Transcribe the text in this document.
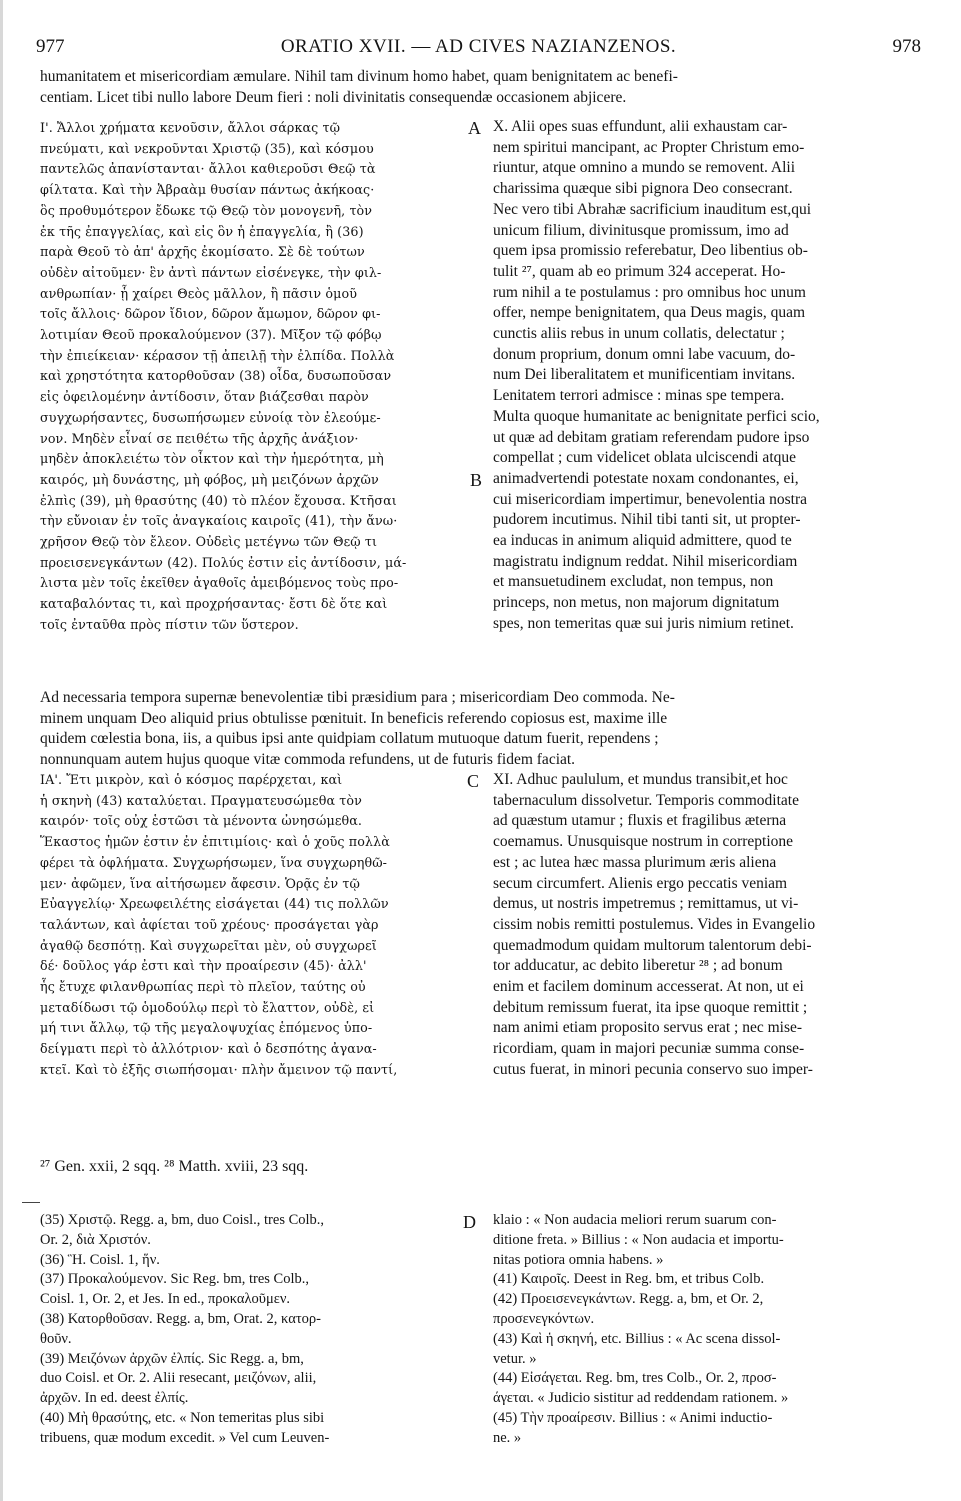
977	ORATIO XVII. — AD CIVES NAZIANZENOS.	978
humanitatem et misericordiam æmulare. Nihil tam divinum homo habet, quam benignitatem ac benefi-
centiam. Licet tibi nullo labore Deum fieri : noli divinitatis consequendæ occasionem abjicere.
Ι'. Ἄλλοι χρήματα κενοῦσιν, ἄλλοι σάρκας τῷ
πνεύματι, καὶ νεκροῦνται Χριστῷ (35), καὶ κόσμου
παντελῶς ἀπανίστανται· ἄλλοι καθιεροῦσι Θεῷ τὰ
φίλτατα. Καὶ τὴν Ἀβραὰμ θυσίαν πάντως ἀκήκοας·
ὃς προθυμότερον ἔδωκε τῷ Θεῷ τὸν μονογενῆ, τὸν
ἐκ τῆς ἐπαγγελίας, καὶ εἰς ὃν ἡ ἐπαγγελία, ἢ (36)
παρὰ Θεοῦ τὸ ἀπ' ἀρχῆς ἐκομίσατο. Σὲ δὲ τούτων
οὐδὲν αἰτοῦμεν· ἓν ἀντὶ πάντων εἰσένεγκε, τὴν φιλ-
ανθρωπίαν· ᾗ χαίρει Θεὸς μᾶλλον, ἢ πᾶσιν ὁμοῦ
τοῖς ἄλλοις· δῶρον ἴδιον, δῶρον ἄμωμον, δῶρον φι-
λοτιμίαν Θεοῦ προκαλούμενον (37). Μῖξον τῷ φόβῳ
τὴν ἐπιείκειαν· κέρασον τῇ ἀπειλῇ τὴν ἐλπίδα. Πολλὰ
καὶ χρηστότητα κατορθοῦσαν (38) οἶδα, δυσωποῦσαν
εἰς ὀφειλομένην ἀντίδοσιν, ὅταν βιάζεσθαι παρὸν
συγχωρήσαντες, δυσωπήσωμεν εὐνοίᾳ τὸν ἐλεούμε-
νον. Μηδὲν εἶναί σε πειθέτω τῆς ἀρχῆς ἀνάξιον·
μηδὲν ἀποκλειέτω τὸν οἶκτον καὶ τὴν ἡμερότητα, μὴ
καιρός, μὴ δυνάστης, μὴ φόβος, μὴ μειζόνων ἀρχῶν
ἐλπὶς (39), μὴ θρασύτης (40) τὸ πλέον ἔχουσα. Κτῆσαι
τὴν εὔνοιαν ἐν τοῖς ἀναγκαίοις καιροῖς (41), τὴν ἄνω·
χρῆσον Θεῷ τὸν ἔλεον. Οὐδεὶς μετέγνω τῶν Θεῷ τι
προεισενεγκάντων (42). Πολύς ἐστιν εἰς ἀντίδοσιν, μά-
λιστα μὲν τοῖς ἐκεῖθεν ἀγαθοῖς ἀμειβόμενος τοὺς προ-
καταβαλόντας τι, καὶ προχρήσαντας· ἔστι δὲ ὅτε καὶ
τοῖς ἐνταῦθα πρὸς πίστιν τῶν ὕστερον.
X. Alii opes suas effundunt, alii exhaustam car-
nem spiritui mancipant, ac Propter Christum emo-
riuntur, atque omnino a mundo se removent. Alii
charissima quæque sibi pignora Deo consecrant.
Nec vero tibi Abrahæ sacrificium inauditum est,qui
unicum filium, divinitusque promissum, imo ad
quem ipsa promissio referebatur, Deo libentius ob-
tulit ²⁷, quam ab eo primum 324 acceperat. Ho-
rum nihil a te postulamus : pro omnibus hoc unum
offer, nempe benignitatem, qua Deus magis, quam
cunctis aliis rebus in unum collatis, delectatur ;
donum proprium, donum omni labe vacuum, do-
num Dei liberalitatem et munificentiam invitans.
Lenitatem terrori admisce : minas spe tempera.
Multa quoque humanitate ac benignitate perfici scio,
ut quæ ad debitam gratiam referendam pudore ipso
compellat ; cum videlicet oblata ulciscendi atque
animadvertendi potestate noxam condonantes, ei,
cui misericordiam impertimur, benevolentia nostra
pudorem incutimus. Nihil tibi tanti sit, ut propter-
ea inducas in animum aliquid admittere, quod te
magistratu indignum reddat. Nihil misericordiam
et mansuetudinem excludat, non tempus, non
princeps, non metus, non majorum dignitatum
spes, non temeritas quæ sui juris nimium retinet.
Ad necessaria tempora supernæ benevolentiæ tibi præsidium para ; misericordiam Deo commoda. Ne-
minem unquam Deo aliquid prius obtulisse pœnituit. In beneficis referendo copiosus est, maxime ille
quidem cœlestia bona, iis, a quibus ipsi ante quidpiam collatum mutuoque datum fuerit, rependens ;
nonnunquam autem hujus quoque vitæ commoda refundens, ut de futuris fidem faciat.
ΙΑ'. Ἔτι μικρὸν, καὶ ὁ κόσμος παρέρχεται, καὶ
ἡ σκηνὴ (43) καταλύεται. Πραγματευσώμεθα τὸν
καιρόν· τοῖς οὐχ ἑστῶσι τὰ μένοντα ὠνησώμεθα.
Ἕκαστος ἡμῶν ἐστιν ἐν ἐπιτιμίοις· καὶ ὁ χοῦς πολλὰ
φέρει τὰ ὀφλήματα. Συγχωρήσωμεν, ἵνα συγχωρηθῶ-
μεν· ἀφῶμεν, ἵνα αἰτήσωμεν ἄφεσιν. Ὁρᾷς ἐν τῷ
Εὐαγγελίῳ· Χρεωφειλέτης εἰσάγεται (44) τις πολλῶν
ταλάντων, καὶ ἀφίεται τοῦ χρέους· προσάγεται γὰρ
ἀγαθῷ δεσπότῃ. Καὶ συγχωρεῖται μὲν, οὐ συγχωρεῖ
δέ· δοῦλος γάρ ἐστι καὶ τὴν προαίρεσιν (45)· ἀλλ'
ἧς ἔτυχε φιλανθρωπίας περὶ τὸ πλεῖον, ταύτης οὐ
μεταδίδωσι τῷ ὁμοδούλῳ περὶ τὸ ἔλαττον, οὐδὲ, εἰ
μή τινι ἄλλῳ, τῷ τῆς μεγαλοψυχίας ἑπόμενος ὑπο-
δείγματι περὶ τὸ ἀλλότριον· καὶ ὁ δεσπότης ἀγανα-
κτεῖ. Καὶ τὸ ἑξῆς σιωπήσομαι· πλὴν ἄμεινον τῷ παντί,
XI. Adhuc paululum, et mundus transibit,et hoc
tabernaculum dissolvetur. Temporis commoditate
ad quæstum utamur ; fluxis et fragilibus æterna
coemamus. Unusquisque nostrum in correptione
est ; ac lutea hæc massa plurimum æris aliena
secum circumfert. Alienis ergo peccatis veniam
demus, ut nostris impetremus ; remittamus, ut vi-
cissim nobis remitti postulemus. Vides in Evangelio
quemadmodum quidam multorum talentorum debi-
tor adducatur, ac debito liberetur ²⁸ ; ad bonum
enim et facilem dominum accesserat. At non, ut ei
debitum remissum fuerat, ita ipse quoque remittit ;
nam animi etiam proposito servus erat ; nec mise-
ricordiam, quam in majori pecuniæ summa conse-
cutus fuerat, in minori pecunia conservo suo imper-
A
B
C
D
²⁷ Gen. xxii, 2 sqq. ²⁸ Matth. xviii, 23 sqq.
(35) Χριστῷ. Regg. a, bm, duo Coisl., tres Colb.,
Or. 2, διὰ Χριστόν.
(36) Ἣ. Coisl. 1, ἥν.
(37) Προκαλούμενον. Sic Reg. bm, tres Colb.,
Coisl. 1, Or. 2, et Jes. In ed., προκαλοῦμεν.
(38) Κατορθοῦσαν. Regg. a, bm, Orat. 2, κατορ-
θοῦν.
(39) Μειζόνων ἀρχῶν ἐλπίς. Sic Regg. a, bm,
duo Coisl. et Or. 2. Alii resecant, μειζόνων, alii,
ἀρχῶν. In ed. deest ἐλπίς.
(40) Μὴ θρασύτης, etc. « Non temeritas plus sibi
tribuens, quæ modum excedit. » Vel cum Leuven-
klaio : « Non audacia meliori rerum suarum con-
ditione freta. » Billius : « Non audacia et importu-
nitas potiora omnia habens. »
(41) Καιροῖς. Deest in Reg. bm, et tribus Colb.
(42) Προεισενεγκάντων. Regg. a, bm, et Or. 2,
προσενεγκόντων.
(43) Καὶ ἡ σκηνή, etc. Billius : « Ac scena dissol-
vetur. »
(44) Εἰσάγεται. Reg. bm, tres Colb., Or. 2, προσ-
άγεται. « Judicio sistitur ad reddendam rationem. »
(45) Τὴν προαίρεσιν. Billius : « Animi inductio-
ne. »
